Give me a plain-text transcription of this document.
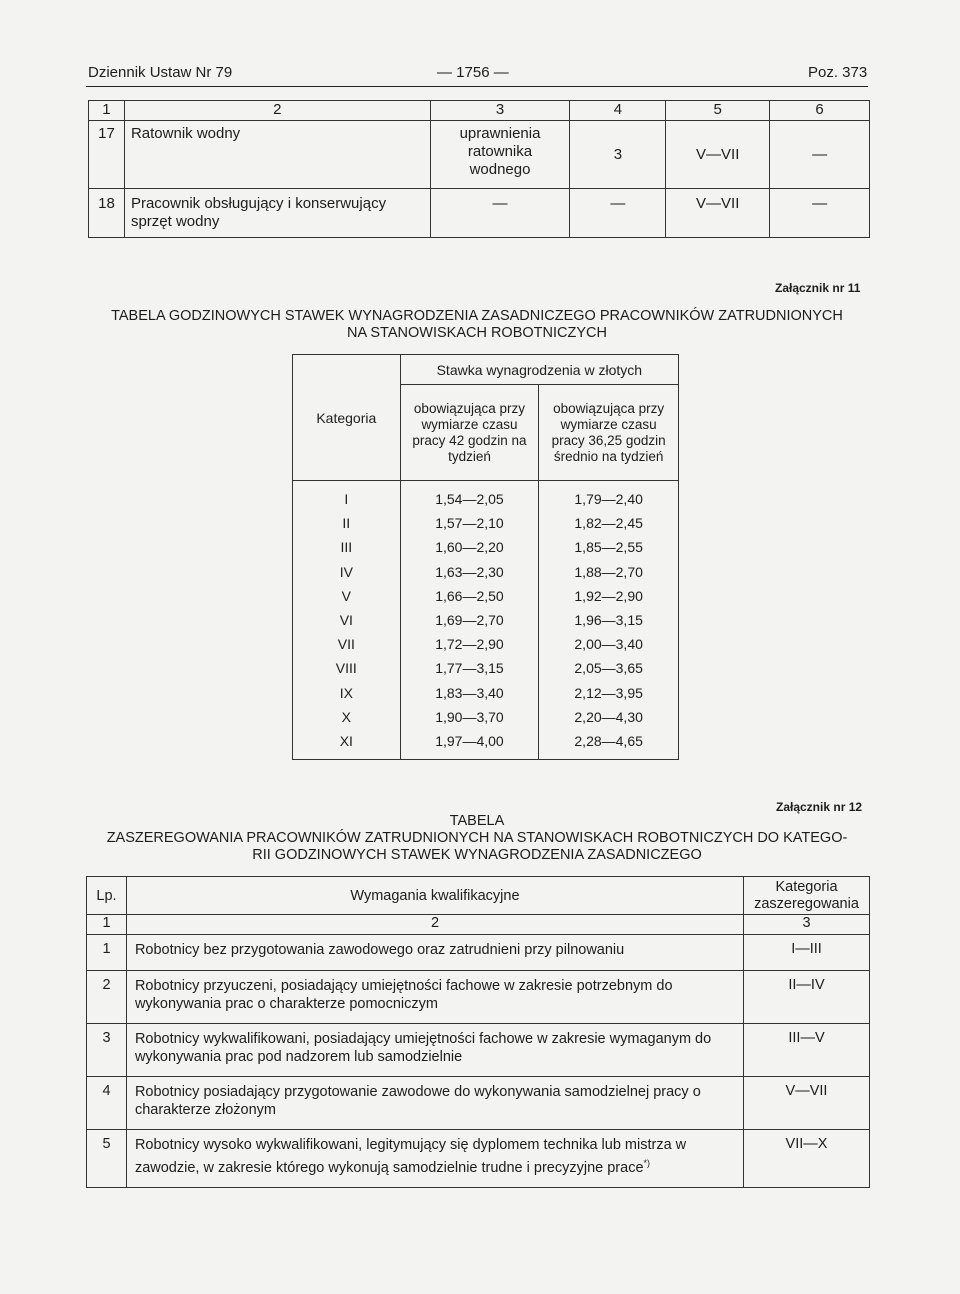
Dziennik Ustaw Nr 79	— 1756 —	Poz. 373
1	2	3	4	5	6
17	Ratownik wodny	uprawnienia ratownika wodnego	3	V—VII	—
18	Pracownik obsługujący i konserwujący sprzęt wodny	—	—	V—VII	—
Załącznik nr 11
TABELA GODZINOWYCH STAWEK WYNAGRODZENIA ZASADNICZEGO PRACOWNIKÓW ZATRUDNIONYCH
NA STANOWISKACH ROBOTNICZYCH
Kategoria	Stawka wynagrodzenia w złotych	
	obowiązująca przy wymiarze czasu pracy 42 godzin na tydzień	obowiązująca przy wymiarze czasu pracy 36,25 godzin średnio na tydzień
I	1,54—2,05	1,79—2,40
II	1,57—2,10	1,82—2,45
III	1,60—2,20	1,85—2,55
IV	1,63—2,30	1,88—2,70
V	1,66—2,50	1,92—2,90
VI	1,69—2,70	1,96—3,15
VII	1,72—2,90	2,00—3,40
VIII	1,77—3,15	2,05—3,65
IX	1,83—3,40	2,12—3,95
X	1,90—3,70	2,20—4,30
XI	1,97—4,00	2,28—4,65
Załącznik nr 12
TABELA
ZASZEREGOWANIA PRACOWNIKÓW ZATRUDNIONYCH NA STANOWISKACH ROBOTNICZYCH DO KATEGO-
RII GODZINOWYCH STAWEK WYNAGRODZENIA ZASADNICZEGO
Lp.	Wymagania kwalifikacyjne	Kategoria zaszeregowania
1	2	3
1	Robotnicy bez przygotowania zawodowego oraz zatrudnieni przy pilnowaniu	I—III
2	Robotnicy przyuczeni, posiadający umiejętności fachowe w zakresie potrzebnym do wykonywania prac o charakterze pomocniczym	II—IV
3	Robotnicy wykwalifikowani, posiadający umiejętności fachowe w zakresie wymaganym do wykonywania prac pod nadzorem lub samodzielnie	III—V
4	Robotnicy posiadający przygotowanie zawodowe do wykonywania samodzielnej pracy o charakterze złożonym	V—VII
5	Robotnicy wysoko wykwalifikowani, legitymujący się dyplomem technika lub mistrza w zawodzie, w zakresie którego wykonują samodzielnie trudne i precyzyjne prace*)	VII—X
